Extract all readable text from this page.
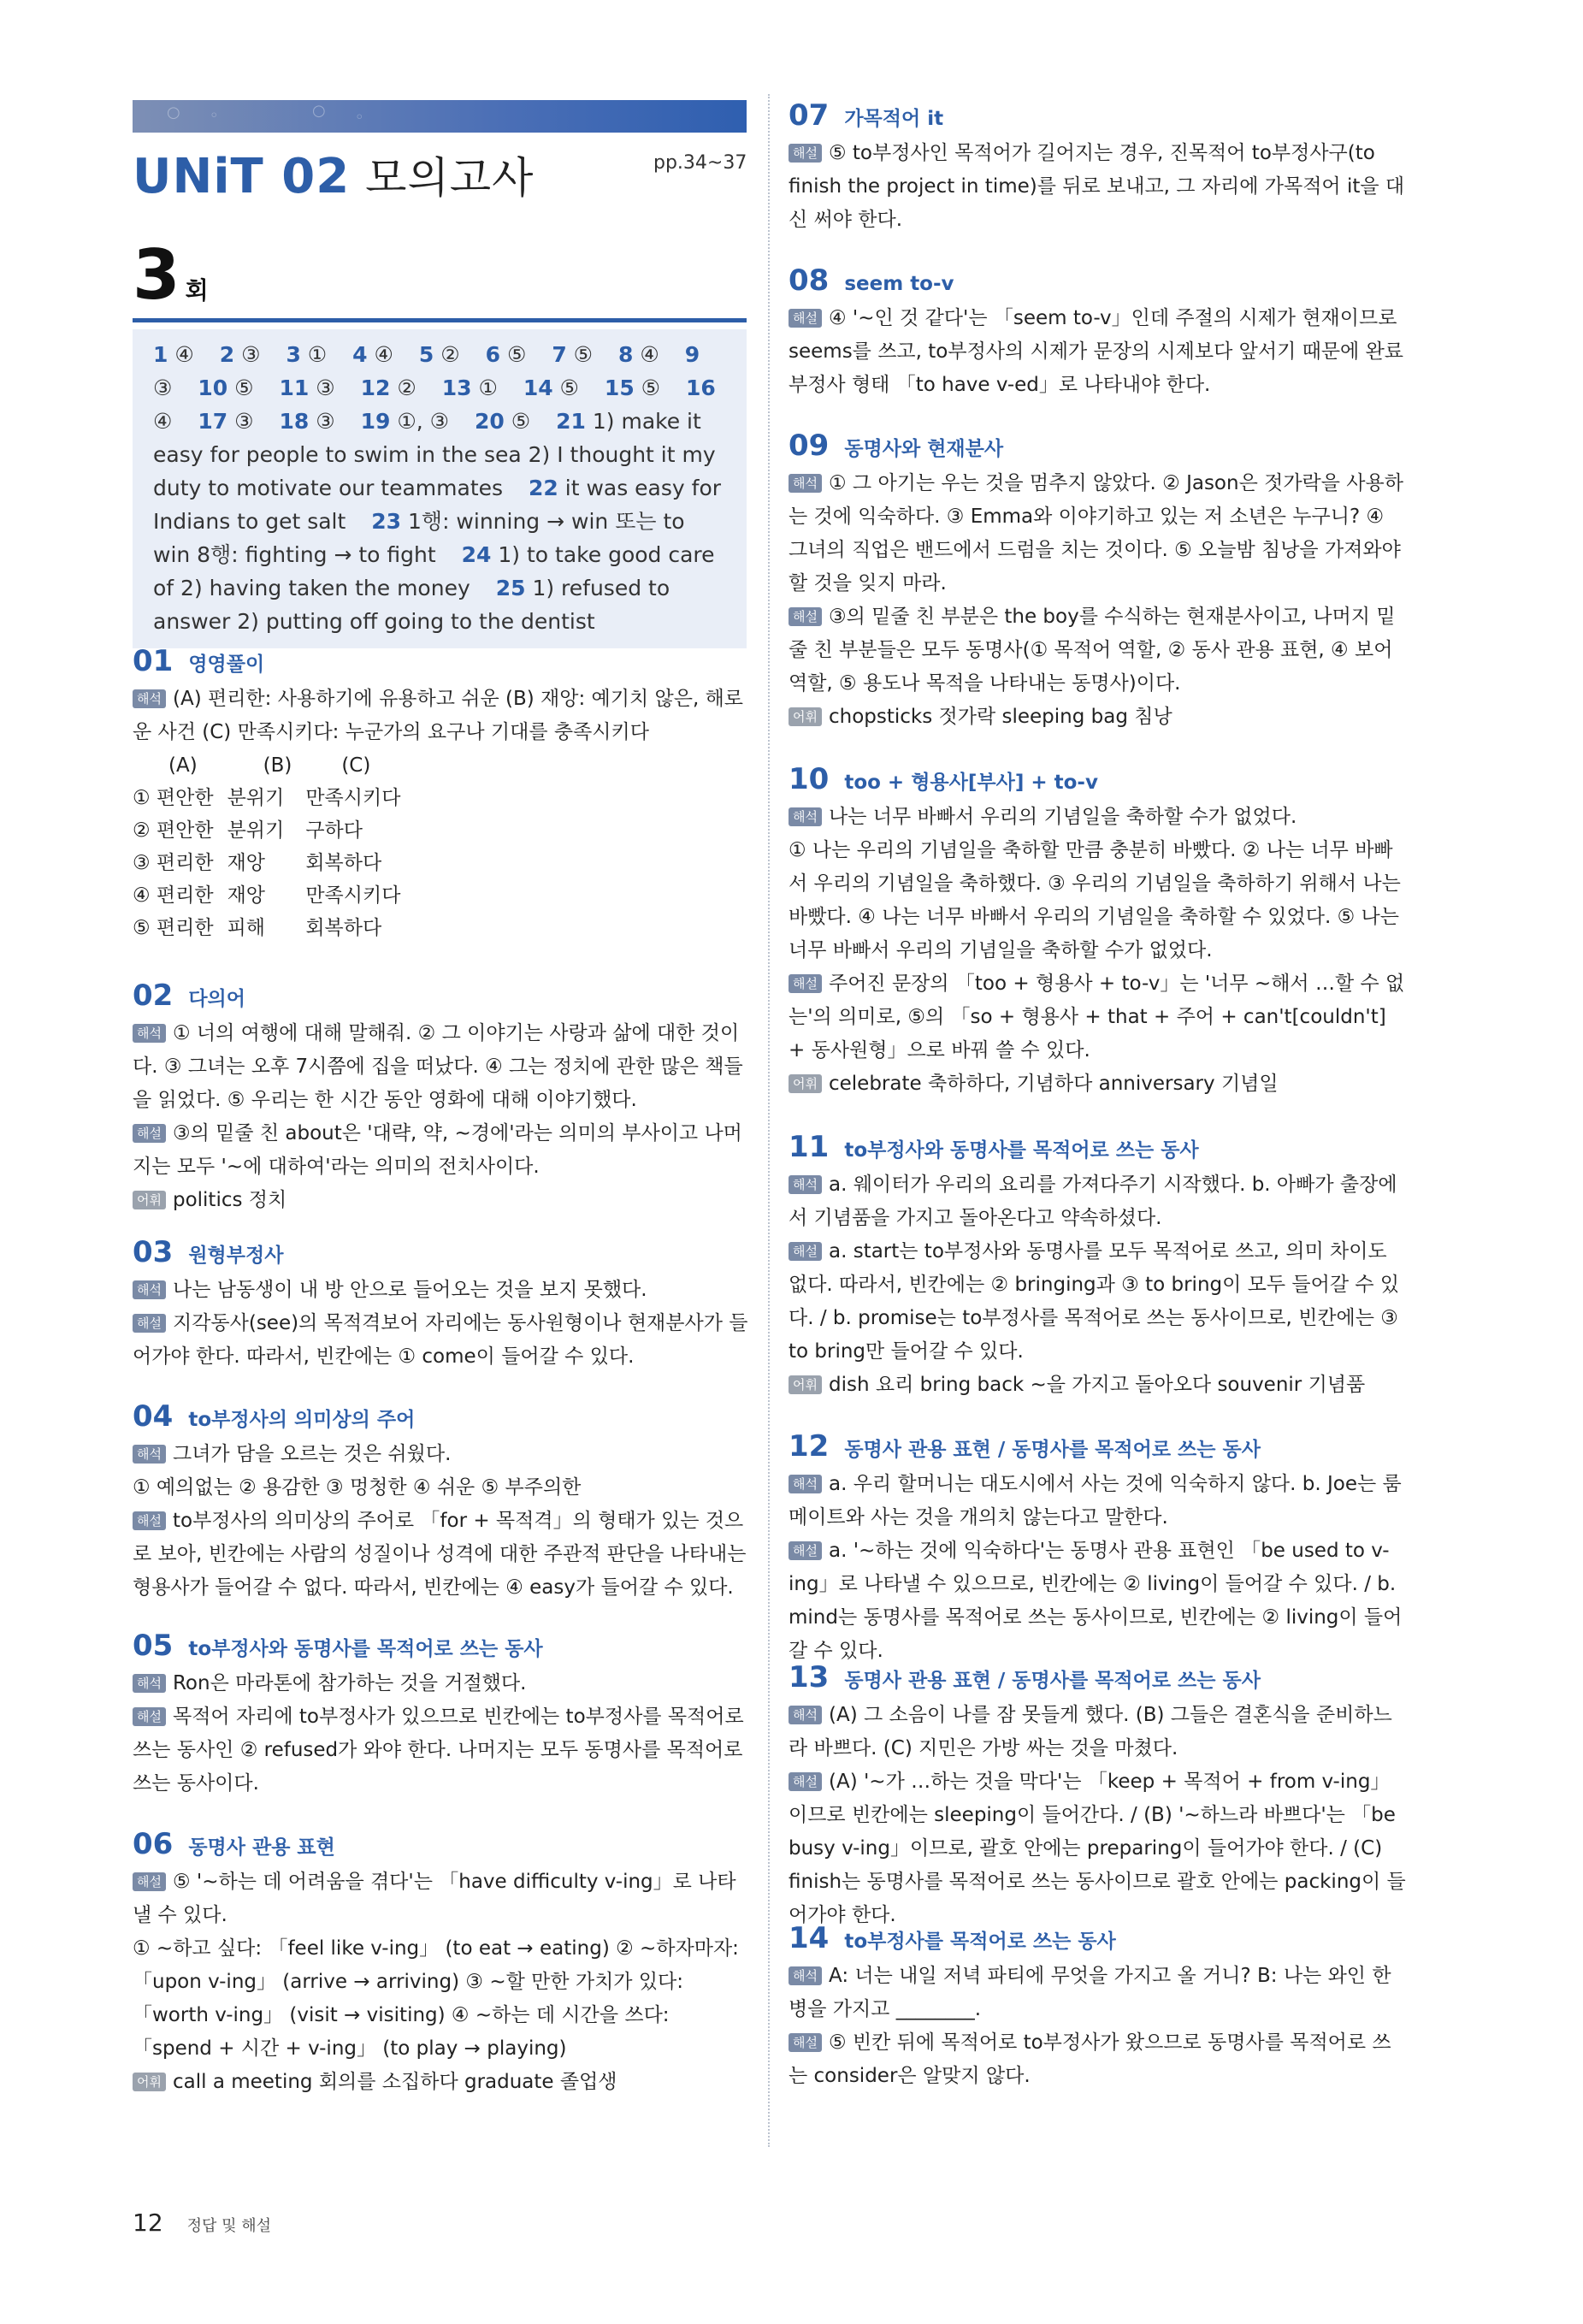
○ ◦	○ ◦
UNiT 02 모의고사	pp.34~37
3 회
1 ④ 2 ③ 3 ① 4 ④ 5 ② 6 ⑤ 7 ⑤ 8 ④ 9 ③ 10 ⑤ 11 ③ 12 ② 13 ① 14 ⑤ 15 ⑤ 16 ④ 17 ③ 18 ③ 19 ①, ③ 20 ⑤ 21 1) make it easy for people to swim in the sea 2) I thought it my duty to motivate our teammates 22 it was easy for Indians to get salt 23 1행: winning → win 또는 to win 8행: fighting → to fight 24 1) to take good care of 2) having taken the money 25 1) refused to answer 2) putting off going to the dentist
01 영영풀이

해석 (A) 편리한: 사용하기에 유용하고 쉬운 (B) 재앙: 예기치 않은, 해로운 사건 (C) 만족시키다: 누군가의 요구나 기대를 충족시키다

(A)	(B)	(C)
① 편안한	분위기	만족시키다
② 편안한	분위기	구하다
③ 편리한	재앙	회복하다
④ 편리한	재앙	만족시키다
⑤ 편리한	피해	회복하다
02 다의어

해석 ① 너의 여행에 대해 말해줘. ② 그 이야기는 사랑과 삶에 대한 것이다. ③ 그녀는 오후 7시쯤에 집을 떠났다. ④ 그는 정치에 관한 많은 책들을 읽었다. ⑤ 우리는 한 시간 동안 영화에 대해 이야기했다.

해설 ③의 밑줄 친 about은 '대략, 약, ~경에'라는 의미의 부사이고 나머지는 모두 '~에 대하여'라는 의미의 전치사이다.

어휘 politics 정치

03 원형부정사

해석 나는 남동생이 내 방 안으로 들어오는 것을 보지 못했다.

해설 지각동사(see)의 목적격보어 자리에는 동사원형이나 현재분사가 들어가야 한다. 따라서, 빈칸에는 ① come이 들어갈 수 있다.

04 to부정사의 의미상의 주어

해석 그녀가 담을 오르는 것은 쉬웠다.

① 예의없는 ② 용감한 ③ 멍청한 ④ 쉬운 ⑤ 부주의한

해설 to부정사의 의미상의 주어로 「for + 목적격」의 형태가 있는 것으로 보아, 빈칸에는 사람의 성질이나 성격에 대한 주관적 판단을 나타내는 형용사가 들어갈 수 없다. 따라서, 빈칸에는 ④ easy가 들어갈 수 있다.

05 to부정사와 동명사를 목적어로 쓰는 동사

해석 Ron은 마라톤에 참가하는 것을 거절했다.

해설 목적어 자리에 to부정사가 있으므로 빈칸에는 to부정사를 목적어로 쓰는 동사인 ② refused가 와야 한다. 나머지는 모두 동명사를 목적어로 쓰는 동사이다.

06 동명사 관용 표현

해설 ⑤ '~하는 데 어려움을 겪다'는 「have difficulty v-ing」로 나타낼 수 있다.

① ~하고 싶다: 「feel like v-ing」 (to eat → eating) ② ~하자마자: 「upon v-ing」 (arrive → arriving) ③ ~할 만한 가치가 있다: 「worth v-ing」 (visit → visiting) ④ ~하는 데 시간을 쓰다: 「spend + 시간 + v-ing」 (to play → playing)

어휘 call a meeting 회의를 소집하다 graduate 졸업생

07 가목적어 it

해설 ⑤ to부정사인 목적어가 길어지는 경우, 진목적어 to부정사구(to finish the project in time)를 뒤로 보내고, 그 자리에 가목적어 it을 대신 써야 한다.

08 seem to-v

해설 ④ '~인 것 같다'는 「seem to-v」인데 주절의 시제가 현재이므로 seems를 쓰고, to부정사의 시제가 문장의 시제보다 앞서기 때문에 완료부정사 형태 「to have v-ed」로 나타내야 한다.

09 동명사와 현재분사

해석 ① 그 아기는 우는 것을 멈추지 않았다. ② Jason은 젓가락을 사용하는 것에 익숙하다. ③ Emma와 이야기하고 있는 저 소년은 누구니? ④ 그녀의 직업은 밴드에서 드럼을 치는 것이다. ⑤ 오늘밤 침낭을 가져와야 할 것을 잊지 마라.

해설 ③의 밑줄 친 부분은 the boy를 수식하는 현재분사이고, 나머지 밑줄 친 부분들은 모두 동명사(① 목적어 역할, ② 동사 관용 표현, ④ 보어 역할, ⑤ 용도나 목적을 나타내는 동명사)이다.

어휘 chopsticks 젓가락 sleeping bag 침낭

10 too + 형용사[부사] + to-v

해석 나는 너무 바빠서 우리의 기념일을 축하할 수가 없었다.

① 나는 우리의 기념일을 축하할 만큼 충분히 바빴다. ② 나는 너무 바빠서 우리의 기념일을 축하했다. ③ 우리의 기념일을 축하하기 위해서 나는 바빴다. ④ 나는 너무 바빠서 우리의 기념일을 축하할 수 있었다. ⑤ 나는 너무 바빠서 우리의 기념일을 축하할 수가 없었다.

해설 주어진 문장의 「too + 형용사 + to-v」는 '너무 ~해서 …할 수 없는'의 의미로, ⑤의 「so + 형용사 + that + 주어 + can't[couldn't] + 동사원형」으로 바꿔 쓸 수 있다.

어휘 celebrate 축하하다, 기념하다 anniversary 기념일

11 to부정사와 동명사를 목적어로 쓰는 동사

해석 a. 웨이터가 우리의 요리를 가져다주기 시작했다. b. 아빠가 출장에서 기념품을 가지고 돌아온다고 약속하셨다.

해설 a. start는 to부정사와 동명사를 모두 목적어로 쓰고, 의미 차이도 없다. 따라서, 빈칸에는 ② bringing과 ③ to bring이 모두 들어갈 수 있다. / b. promise는 to부정사를 목적어로 쓰는 동사이므로, 빈칸에는 ③ to bring만 들어갈 수 있다.

어휘 dish 요리 bring back ~을 가지고 돌아오다 souvenir 기념품

12 동명사 관용 표현 / 동명사를 목적어로 쓰는 동사

해석 a. 우리 할머니는 대도시에서 사는 것에 익숙하지 않다. b. Joe는 룸메이트와 사는 것을 개의치 않는다고 말한다.

해설 a. '~하는 것에 익숙하다'는 동명사 관용 표현인 「be used to v-ing」로 나타낼 수 있으므로, 빈칸에는 ② living이 들어갈 수 있다. / b. mind는 동명사를 목적어로 쓰는 동사이므로, 빈칸에는 ② living이 들어갈 수 있다.

13 동명사 관용 표현 / 동명사를 목적어로 쓰는 동사

해석 (A) 그 소음이 나를 잠 못들게 했다. (B) 그들은 결혼식을 준비하느라 바쁘다. (C) 지민은 가방 싸는 것을 마쳤다.

해설 (A) '~가 …하는 것을 막다'는 「keep + 목적어 + from v-ing」이므로 빈칸에는 sleeping이 들어간다. / (B) '~하느라 바쁘다'는 「be busy v-ing」이므로, 괄호 안에는 preparing이 들어가야 한다. / (C) finish는 동명사를 목적어로 쓰는 동사이므로 괄호 안에는 packing이 들어가야 한다.

14 to부정사를 목적어로 쓰는 동사

해석 A: 너는 내일 저녁 파티에 무엇을 가지고 올 거니? B: 나는 와인 한 병을 가지고 ________.

해설 ⑤ 빈칸 뒤에 목적어로 to부정사가 왔으므로 동명사를 목적어로 쓰는 consider은 알맞지 않다.

12 정답 및 해설
